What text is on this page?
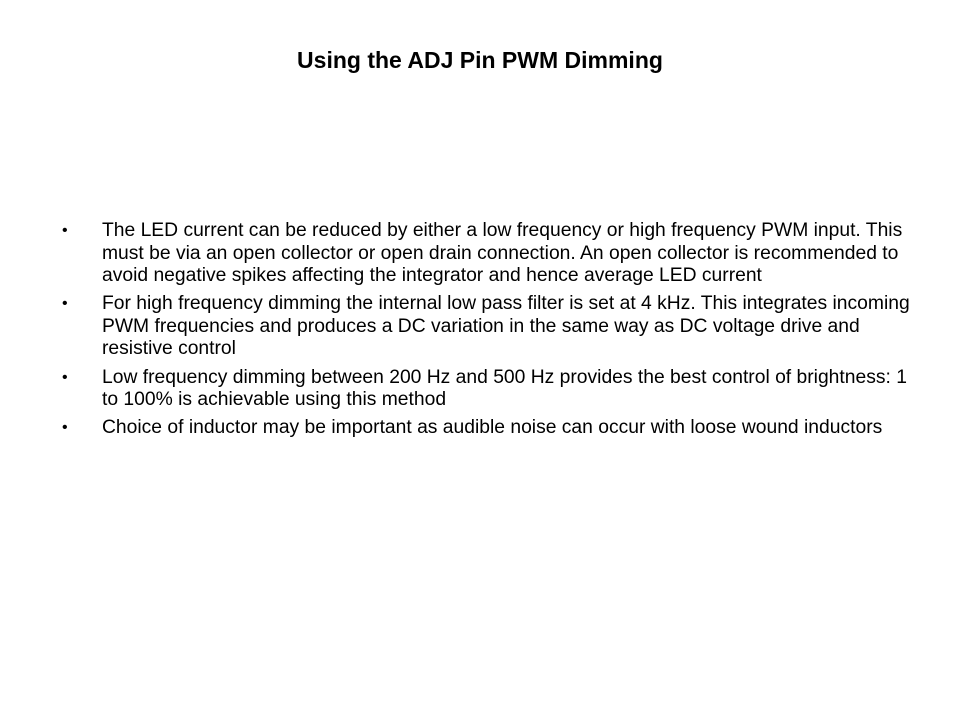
Using the ADJ Pin PWM Dimming
• The LED current can be reduced by either a low frequency or high frequency PWM input. This must be via an open collector or open drain connection. An open collector is recommended to avoid negative spikes affecting the integrator and hence average LED current
• For high frequency dimming the internal low pass filter is set at 4 kHz. This integrates incoming PWM frequencies and produces a DC variation in the same way as DC voltage drive and resistive control
• Low frequency dimming between 200 Hz and 500 Hz provides the best control of brightness: 1 to 100% is achievable using this method
• Choice of inductor may be important as audible noise can occur with loose wound inductors
